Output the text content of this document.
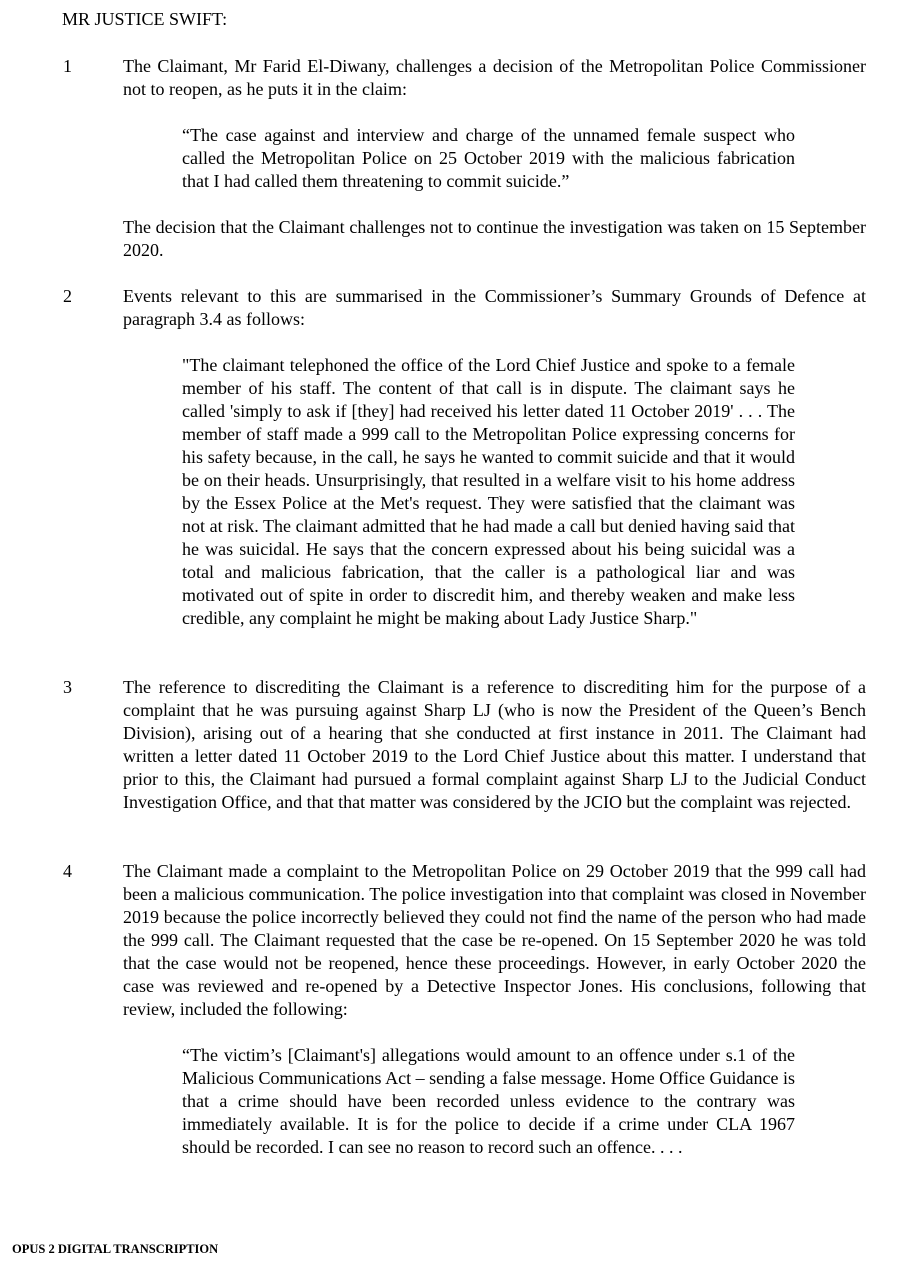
MR JUSTICE SWIFT:
1	The Claimant, Mr Farid El-Diwany, challenges a decision of the Metropolitan Police Commissioner not to reopen, as he puts it in the claim:

“The case against and interview and charge of the unnamed female suspect who called the Metropolitan Police on 25 October 2019 with the malicious fabrication that I had called them threatening to commit suicide.”

The decision that the Claimant challenges not to continue the investigation was taken on 15 September 2020.

2	Events relevant to this are summarised in the Commissioner’s Summary Grounds of Defence at paragraph 3.4 as follows:

"The claimant telephoned the office of the Lord Chief Justice and spoke to a female member of his staff. The content of that call is in dispute. The claimant says he called 'simply to ask if [they] had received his letter dated 11 October 2019' . . . The member of staff made a 999 call to the Metropolitan Police expressing concerns for his safety because, in the call, he says he wanted to commit suicide and that it would be on their heads. Unsurprisingly, that resulted in a welfare visit to his home address by the Essex Police at the Met's request. They were satisfied that the claimant was not at risk. The claimant admitted that he had made a call but denied having said that he was suicidal. He says that the concern expressed about his being suicidal was a total and malicious fabrication, that the caller is a pathological liar and was motivated out of spite in order to discredit him, and thereby weaken and make less credible, any complaint he might be making about Lady Justice Sharp."

3	The reference to discrediting the Claimant is a reference to discrediting him for the purpose of a complaint that he was pursuing against Sharp LJ (who is now the President of the Queen’s Bench Division), arising out of a hearing that she conducted at first instance in 2011. The Claimant had written a letter dated 11 October 2019 to the Lord Chief Justice about this matter. I understand that prior to this, the Claimant had pursued a formal complaint against Sharp LJ to the Judicial Conduct Investigation Office, and that that matter was considered by the JCIO but the complaint was rejected.

4	The Claimant made a complaint to the Metropolitan Police on 29 October 2019 that the 999 call had been a malicious communication. The police investigation into that complaint was closed in November 2019 because the police incorrectly believed they could not find the name of the person who had made the 999 call. The Claimant requested that the case be re-opened. On 15 September 2020 he was told that the case would not be reopened, hence these proceedings. However, in early October 2020 the case was reviewed and re-opened by a Detective Inspector Jones. His conclusions, following that review, included the following:

“The victim’s [Claimant's] allegations would amount to an offence under s.1 of the Malicious Communications Act – sending a false message. Home Office Guidance is that a crime should have been recorded unless evidence to the contrary was immediately available. It is for the police to decide if a crime under CLA 1967 should be recorded. I can see no reason to record such an offence. . . .

OPUS 2 DIGITAL TRANSCRIPTION
